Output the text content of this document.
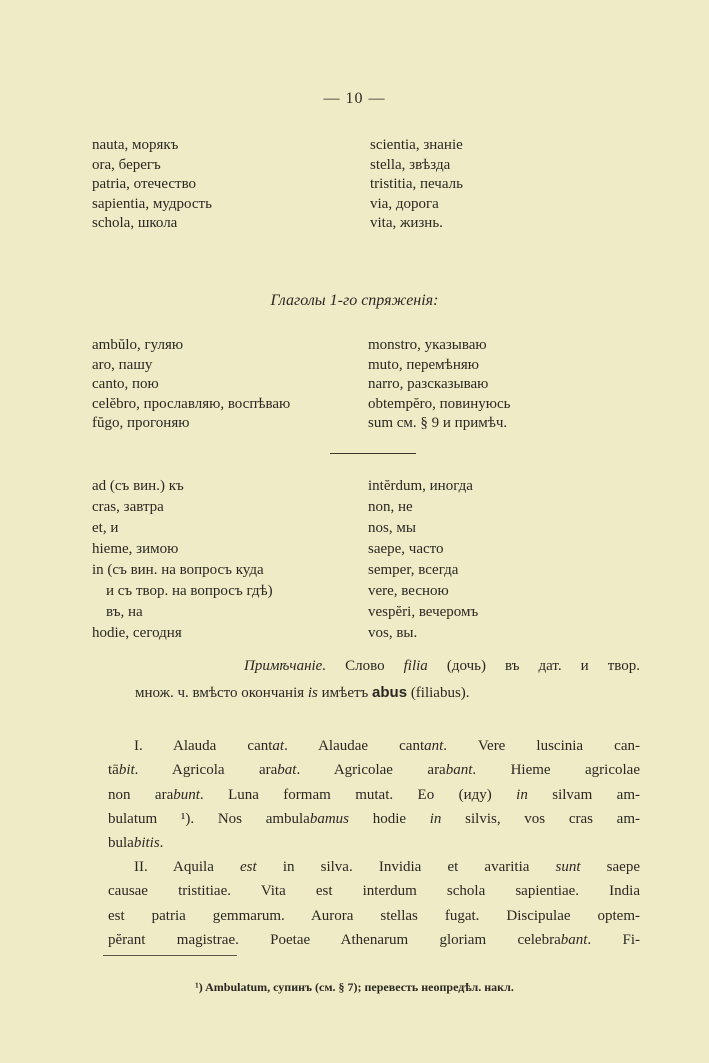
— 10 —
nauta, морякъ
ora, берегъ
patria, отечество
sapientia, мудрость
schola, школа
scientia, знаніе
stella, звѣзда
tristitia, печаль
via, дорога
vita, жизнь.
Глаголы 1-го спряженія:
ambŭlo, гуляю
aro, пашу
canto, пою
celĕbro, прославляю, воспѣваю
fŭgo, прогоняю
monstro, указываю
muto, перемѣняю
narro, разсказываю
obtempĕro, повинуюсь
sum см. § 9 и примѣч.
ad (съ вин.) къ
cras, завтра
et, и
hieme, зимою
in (съ вин. на вопросъ куда
и съ твор. на вопросъ гдѣ)
въ, на
hodie, сегодня
intĕrdum, иногда
non, не
nos, мы
saepe, часто
semper, всегда
vere, весною
vespĕri, вечеромъ
vos, вы.
Примѣчаніе. Слово filia (дочь) въ дат. и твор.
множ. ч. вмѣсто окончанія is имѣетъ abus (filiabus).
I. Alauda cantat. Alaudae cantant. Vere luscinia can-
tābit. Agricola arabat. Agricolae arabant. Hieme agricolae
non arabunt. Luna formam mutat. Eo (иду) in silvam am-
bulatum ¹). Nos ambulabamus hodie in silvis, vos cras am-
bulabitis.
II. Aquila est in silva. Invidia et avaritia sunt saepe
causae tristitiae. Vita est interdum schola sapientiae. India
est patria gemmarum. Aurora stellas fugat. Discipulae optem-
pĕrant magistrae. Poetae Athenarum gloriam celebrabant. Fi-
¹) Ambulatum, супинъ (см. § 7); перевесть неопредѣл. накл.
